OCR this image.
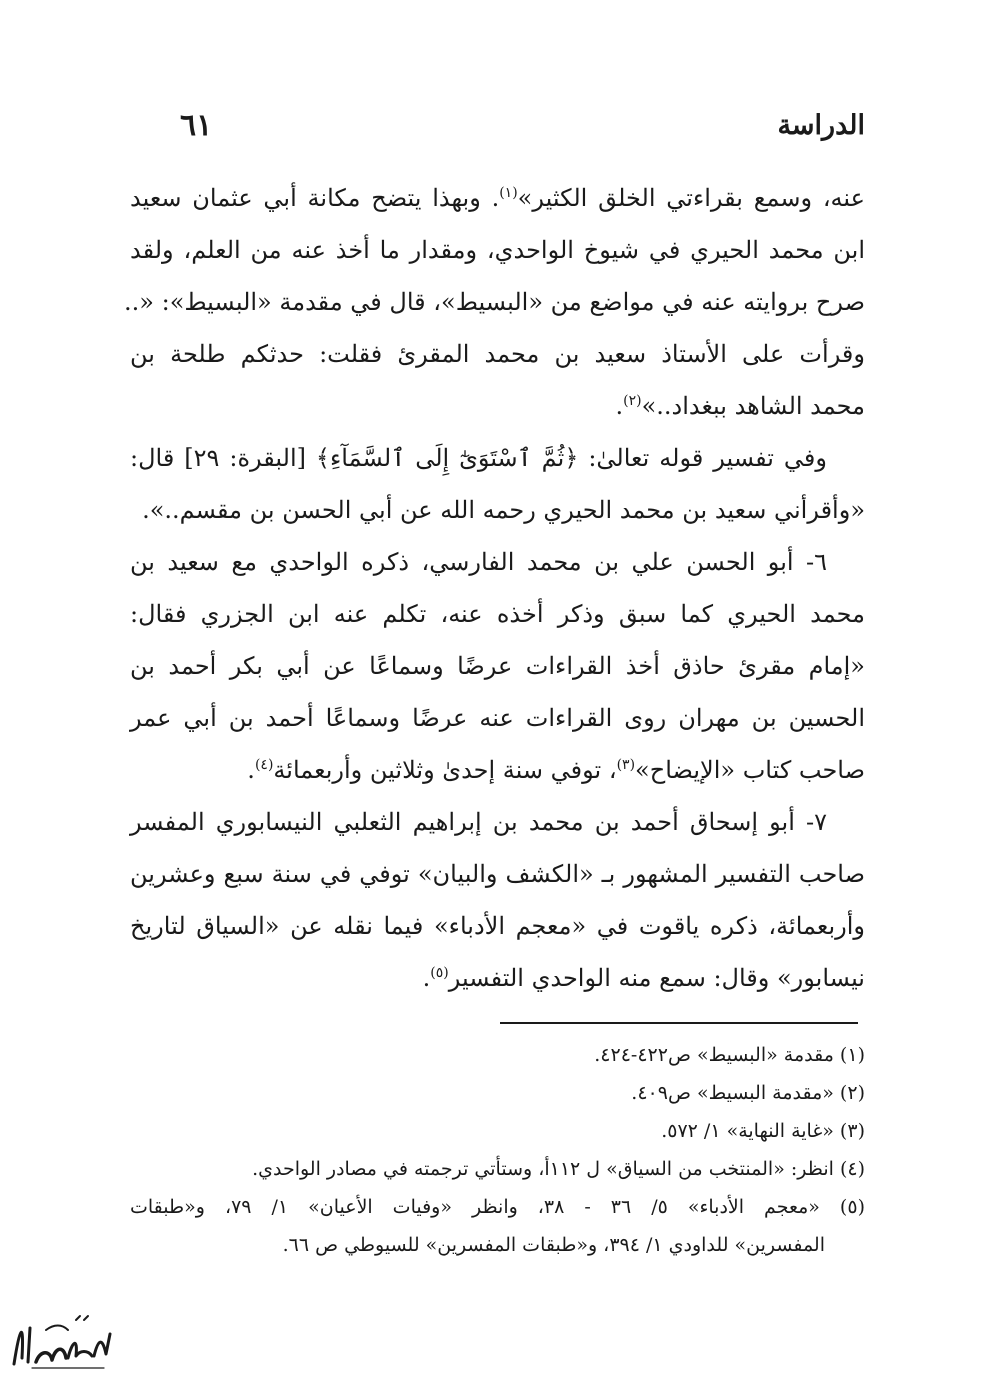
٦١	الدراسة

عنه، وسمع بقراءتي الخلق الكثير»$^{(١)}$. وبهذا يتضح مكانة أبي عثمان سعيد
ابن محمد الحيري في شيوخ الواحدي، ومقدار ما أخذ عنه من العلم، ولقد
صرح بروايته عنه في مواضع من «البسيط»، قال في مقدمة «البسيط»: «..
وقرأت على الأستاذ سعيد بن محمد المقرئ فقلت: حدثكم طلحة بن
محمد الشاهد ببغداد..»$^{(٢)}$.

وفي تفسير قوله تعالىٰ: ﴿ثُمَّ ٱسْتَوَىٰٓ إِلَى ٱلسَّمَآءِ﴾ [البقرة: ٢٩] قال:
«وأقرأني سعيد بن محمد الحيري رحمه الله عن أبي الحسن بن مقسم..».

٦- أبو الحسن علي بن محمد الفارسي، ذكره الواحدي مع سعيد بن
محمد الحيري كما سبق وذكر أخذه عنه، تكلم عنه ابن الجزري فقال:
«إمام مقرئ حاذق أخذ القراءات عرضًا وسماعًا عن أبي بكر أحمد بن
الحسين بن مهران روى القراءات عنه عرضًا وسماعًا أحمد بن أبي عمر
صاحب كتاب «الإيضاح»$^{(٣)}$، توفي سنة إحدىٰ وثلاثين وأربعمائة$^{(٤)}$.

٧- أبو إسحاق أحمد بن محمد بن إبراهيم الثعلبي النيسابوري المفسر
صاحب التفسير المشهور بـ «الكشف والبيان» توفي في سنة سبع وعشرين
وأربعمائة، ذكره ياقوت في «معجم الأدباء» فيما نقله عن «السياق لتاريخ
نيسابور» وقال: سمع منه الواحدي التفسير$^{(٥)}$.

(١) مقدمة «البسيط» ص٤٢٢-٤٢٤.
(٢) «مقدمة البسيط» ص٤٠٩.
(٣) «غاية النهاية» ١/ ٥٧٢.
(٤) انظر: «المنتخب من السياق» ل ١١٢أ، وستأتي ترجمته في مصادر الواحدي.
(٥) «معجم الأدباء» ٥/ ٣٦ - ٣٨، وانظر «وفيات الأعيان» ١/ ٧٩، و«طبقات
المفسرين» للداودي ١/ ٣٩٤، و«طبقات المفسرين» للسيوطي ص ٦٦.
